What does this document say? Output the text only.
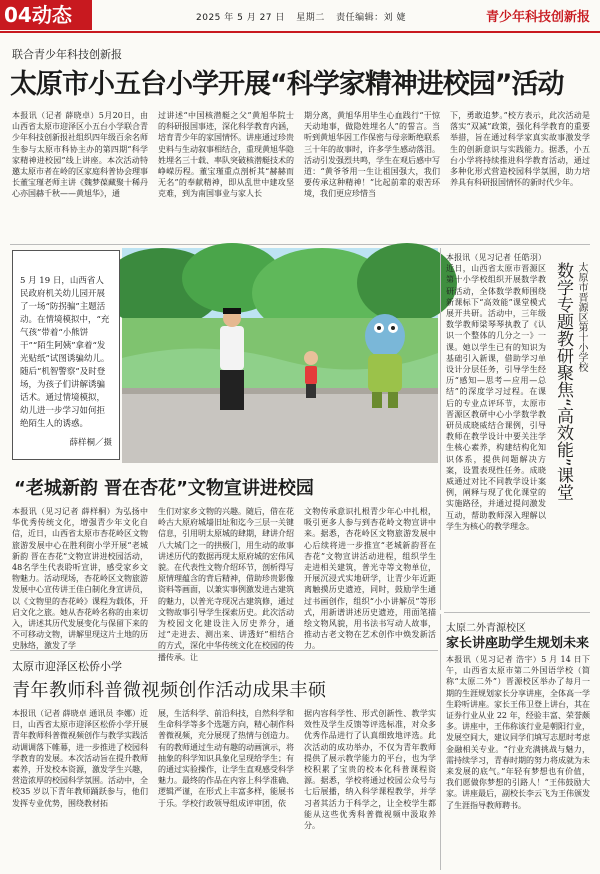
04动态	2025 年 5 月 27 日 星期二 责任编辑：刘 婕	青少年科技创新报
联合青少年科技创新报
太原市小五台小学开展“科学家精神进校园”活动
本报讯（记者 薛晓卓）5月20日，由山西省太原市迎泽区小五台小学联合青少年科技创新报社组织四年级百余名师生参与太原市科协主办的第四期“科学家精神进校园”线上讲座。本次活动特邀太原市者在岭的区家庭科普协会理事长董宝瑾老师主讲《魏梦葆藏聚十稀丹心亦国赫千秋——黄旭华》，通
过讲述“中国核潜艇之父”黄旭华院士的科研报国事迹，深化科学教育内涵，培育青少年的家国情怀。讲座通过珍贵史料与生动叙事相结合，重现黄旭华隐姓埋名三十载、率队突破核潜艇技术的峥嵘历程。董宝瑾重点剖析其“赫赫而无名”的奉献精神，即从乱世中建攻坚克难，到为南国事业与家人长
期分离，黄旭华用毕生心血践行“干惊天动地事，做隐姓埋名人”的誓言。当听到黄旭华因工作保密与母亲断绝联系三十年的故事时，许多学生感动落泪。活动引发强烈共鸣，学生在观后感中写道：“黄爷爷用一生让祖国强大，我们要传承这种精神！”比起前辈的艰苦环境，我们更应珍惜当
下，勇敢追梦。”校方表示，此次活动是落实“双减”政策，强化科学教育的重要举措，旨在通过科学家真实故事激发学生的创新意识与实践能力。据悉，小五台小学将持续推进科学教育活动，通过多种化形式营造校园科学氛围，助力培养具有科研报国情怀的新时代少年。
5 月 19 日，山西省人民政府机关幼儿园开展了一场“防拐骗”主题活动。在情境模拟中，“充气孩”带着“小熊饼干”“陌生阿姨”拿着“发光贴纸”试图诱骗幼儿。随后“机智警察”及时登场，为孩子们讲解诱骗话术。通过情境模拟，幼儿进一步学习如何拒绝陌生人的诱惑。
薛样桐／摄
太原市晋源区第十小学校
数学专题教研聚焦“高效能”课堂
本报讯（见习记者 任皓羽）近日，山西省太原市晋源区第十小学校组织开展数学教研活动，全体数学教师围绕新课标下“高效能”课堂模式展开共研。活动中，三年级数学教师梁琴琴执教了《认识一个整体的几分之一》一课。她以学生已有的知识为基础引入新课，借助学习单设计分层任务，引导学生经历“感知—思考—应用—总结”的深度学习过程。在课后的专业点评环节，太原市晋源区教研中心小学数学教研员成晓威结合课例，引导教师在教学设计中要关注学生核心素养，构建结构化知识体系，提供问题解决方案，设置表现性任务。成晓威通过对比不同教学设计案例，阐释与现了优化课堂的实施路径，并通过提问激发互动，帮助教师深入理解以学生为核心的教学理念。
“老城新韵 晋在杏花”文物宣讲进校园
本报讯（见习记者 薛样桐）为弘扬中华优秀传统文化，增强青少年文化自信，近日，山西省太原市杏花岭区文物旅游发展中心在胜利街小学开展“老城新韵 晋在杏花”文物宣讲进校园活动，48名学生代表聆听宣讲，感受家乡文物魅力。活动现场，杏花岭区文物旅游发展中心宣传讲王佳白制化身宣讲员，以《文物里的杏花岭》课程为载体，开启文化之旅。她从杏花岭名称的由来切入，讲述其历代发展变化与保留下来的不可移动文物，讲解里现这片土地的历史脉络，激发了学
生们对家乡文物的兴趣。随后，借在花岭古大原府城墙旧址和迄今三层一关键信息，引用明太原城的肆期，肆讲介绍八大城门之一的拱极门，用生动的故事讲述历代的数据再现太原府城的宏伟风貌。在代表性文物介绍环节，剖析得写原情理蕴含的背后精神，借助珍贵影像资料等画面，以兼实事例激发进古建筑的魅力，以普光寺现况古建筑修，通过文物故事引导学生探索历史。此次活动为校园文化建设注入厉史养分，通过“走进去、测出来、讲透好”相结合的方式，深化中华传统文化在校园的传播传承。让
文物传承意识扎根青少年心中扎根，吸引更多人参与到杏花岭文物宣讲中来。据悉，杏花岭区文物旅游发展中心后续将进一步推宣“老城新韵晋在杏花”文物宣讲活动进程，组织学生走进相关建筑，普光寺等文物单位，开展沉浸式实地研学，让青少年近距离触摸历史遗迹，同时，鼓励学生通过书画创作，组织“小小讲解员”等形式，用新谱讲述历史遗迹，用面笔描绘文物风貌，用书法书写动人故事，推动古老文物在艺术创作中焕发新活力。
太原市迎泽区松侨小学
青年教师科普微视频创作活动成果丰硕
本报讯（记者 薛晓卓 通讯员 李娜）近日，山西省太原市迎泽区松侨小学开展青年教师科普微视频创作与教学实践活动调调落下帷幕，进一步推进了校园科学教育的发展。本次活动旨在提升教师素养，开发校本资源，激发学生兴趣，营造浓厚的校园科学氛围。活动中，全校35 岁以下青年教师踊跃参与，他们发挥专业优势，围绕教材拓
展，生活科学、前沿科技，自然科学和生命科学等多个选题方向，精心制作科普微视频，充分展现了热情与创造力。有的教师通过生动有趣的动画演示，将抽象的科学知识具象化呈现给学生；有的通过实验操作，让学生直观感受科学魅力。最终的作品在内容上科学准确、逻辑严谨，在形式上丰富多样，能展书于乐。学校行政领导组成评审团，依
据内容科学性、形式创新性、教学实效性及学生反馈等评选标准，对众多优秀作品进行了认真细致地评选。此次活动的成功举办，不仅为青年教师提供了展示教学能力的平台，也为学校积累了宝贵的校本化科普课程资源。据悉，学校将通过校园公众号与七后展播，纳入科学课程教学，并学习者其活力于科学之，让全校学生都能从这些优秀科普微视频中汲取养分。
太原二外青源校区
家长讲座助学生规划未来
本报讯（见习记者 浩宇）5 月 14 日下午，山西省太原市第二外国语学校（简称“太原二外”）晋源校区举办了每月一期的生涯规划家长分享讲座，全体高一学生聆听讲座。家长王伟卫登上讲台，其在证券行业从业 22 年，经验丰富、荣誉颇多。讲座中，王伟称该行业是朝阳行业，发展空间大，建议同学们填写志愿时考虑金融相关专业。“行业充满挑战与魅力，需持续学习，青春时期的努力将成就为未来发展的底气。”年轻有梦想也有价值，我们愿做你梦想的引路人！”王伟鼓励大家。讲座最后，副校长李云飞为王伟颁发了生涯指导教师聘书。
